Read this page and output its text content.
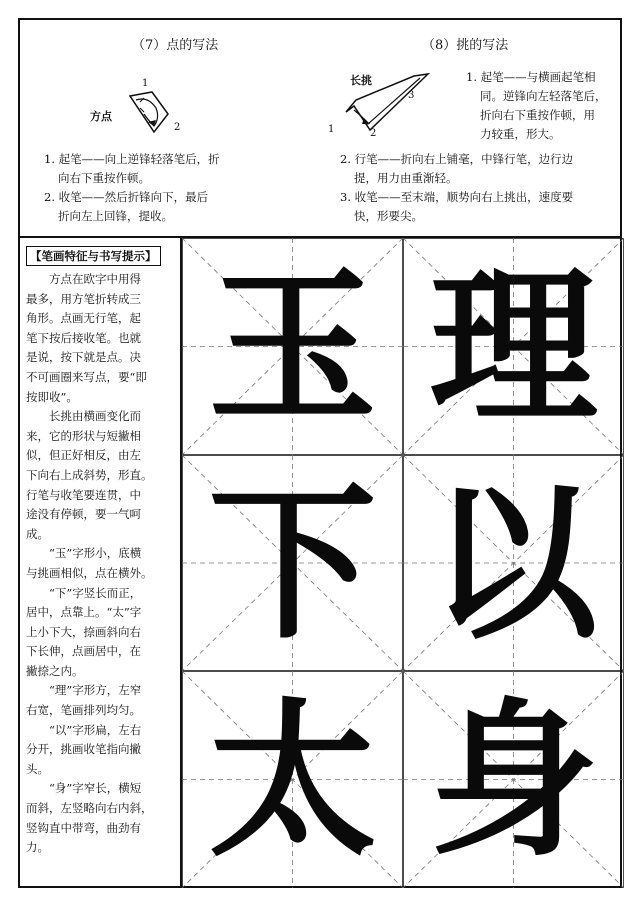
（7）点的写法	（8）挑的写法
方点
1
2
1. 起笔——向上逆锋轻落笔后，折
向右下重按作顿。
2. 收笔——然后折锋向下，最后
折向左上回锋，提收。
长挑
1	2
3
1. 起笔——与横画起笔相
同。逆锋向左轻落笔后，
折向右下重按作顿，用
力较重，形大。
2. 行笔——折向右上铺毫，中锋行笔，边行边
提，用力由重渐轻。
3. 收笔——至末端，顺势向右上挑出，速度要
快，形要尖。
【笔画特征与书写提示】

　　方点在欧字中用得
最多，用方笔折转成三
角形。点画无行笔，起
笔下按后接收笔。也就
是说，按下就是点。决
不可画圈来写点，要“即
按即收”。

　　长挑由横画变化而
来，它的形状与短撇相
似，但正好相反，由左
下向右上成斜势，形直。
行笔与收笔要连贯，中
途没有停顿，要一气呵
成。

　　“玉”字形小，底横
与挑画相似，点在横外。
　　“下”字竖长而正，
居中，点靠上。“太”字
上小下大，捺画斜向右
下长伸，点画居中，在
撇捺之内。

　　“理”字形方，左窄
右宽，笔画排列均匀。
　　“以”字形扁，左右
分开，挑画收笔指向撇
头。

　　“身”字窄长，横短
而斜，左竖略向右内斜，
竖钩直中带弯，曲劲有
力。

玉 理
下 以
太 身
